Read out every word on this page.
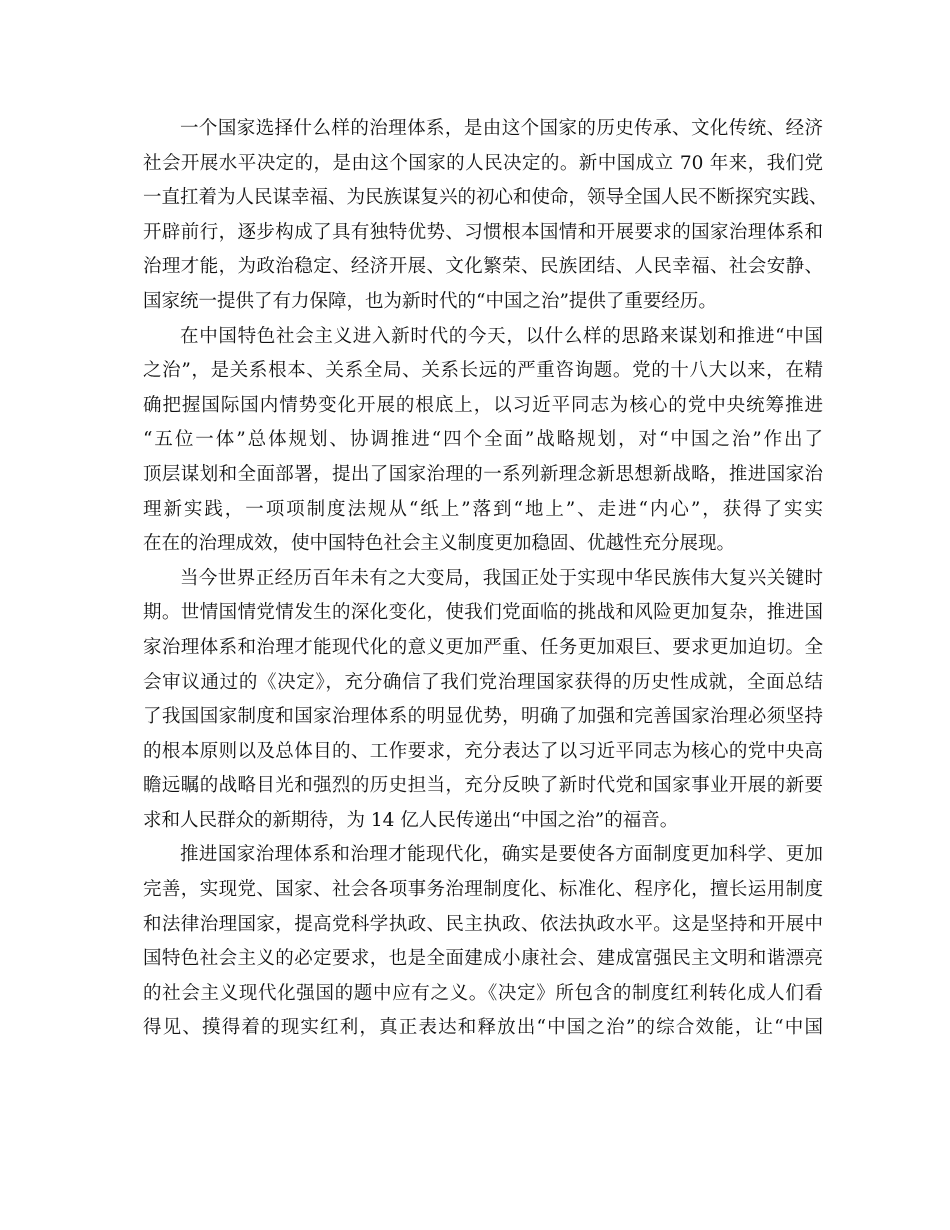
一个国家选择什么样的治理体系，是由这个国家的历史传承、文化传统、经济
社会开展水平决定的，是由这个国家的人民决定的。新中国成立 70 年来，我们党
一直扛着为人民谋幸福、为民族谋复兴的初心和使命，领导全国人民不断探究实践、
开辟前行，逐步构成了具有独特优势、习惯根本国情和开展要求的国家治理体系和
治理才能，为政治稳定、经济开展、文化繁荣、民族团结、人民幸福、社会安静、
国家统一提供了有力保障，也为新时代的“中国之治”提供了重要经历。
在中国特色社会主义进入新时代的今天，以什么样的思路来谋划和推进“中国
之治”，是关系根本、关系全局、关系长远的严重咨询题。党的十八大以来，在精
确把握国际国内情势变化开展的根底上，以习近平同志为核心的党中央统筹推进
“五位一体”总体规划、协调推进“四个全面”战略规划，对“中国之治”作出了
顶层谋划和全面部署，提出了国家治理的一系列新理念新思想新战略，推进国家治
理新实践，一项项制度法规从“纸上”落到“地上”、走进“内心”，获得了实实
在在的治理成效，使中国特色社会主义制度更加稳固、优越性充分展现。
当今世界正经历百年未有之大变局，我国正处于实现中华民族伟大复兴关键时
期。世情国情党情发生的深化变化，使我们党面临的挑战和风险更加复杂，推进国
家治理体系和治理才能现代化的意义更加严重、任务更加艰巨、要求更加迫切。全
会审议通过的《决定》，充分确信了我们党治理国家获得的历史性成就，全面总结
了我国国家制度和国家治理体系的明显优势，明确了加强和完善国家治理必须坚持
的根本原则以及总体目的、工作要求，充分表达了以习近平同志为核心的党中央高
瞻远瞩的战略目光和强烈的历史担当，充分反映了新时代党和国家事业开展的新要
求和人民群众的新期待，为 14 亿人民传递出“中国之治”的福音。
推进国家治理体系和治理才能现代化，确实是要使各方面制度更加科学、更加
完善，实现党、国家、社会各项事务治理制度化、标准化、程序化，擅长运用制度
和法律治理国家，提高党科学执政、民主执政、依法执政水平。这是坚持和开展中
国特色社会主义的必定要求，也是全面建成小康社会、建成富强民主文明和谐漂亮
的社会主义现代化强国的题中应有之义。《决定》所包含的制度红利转化成人们看
得见、摸得着的现实红利，真正表达和释放出“中国之治”的综合效能，让“中国
